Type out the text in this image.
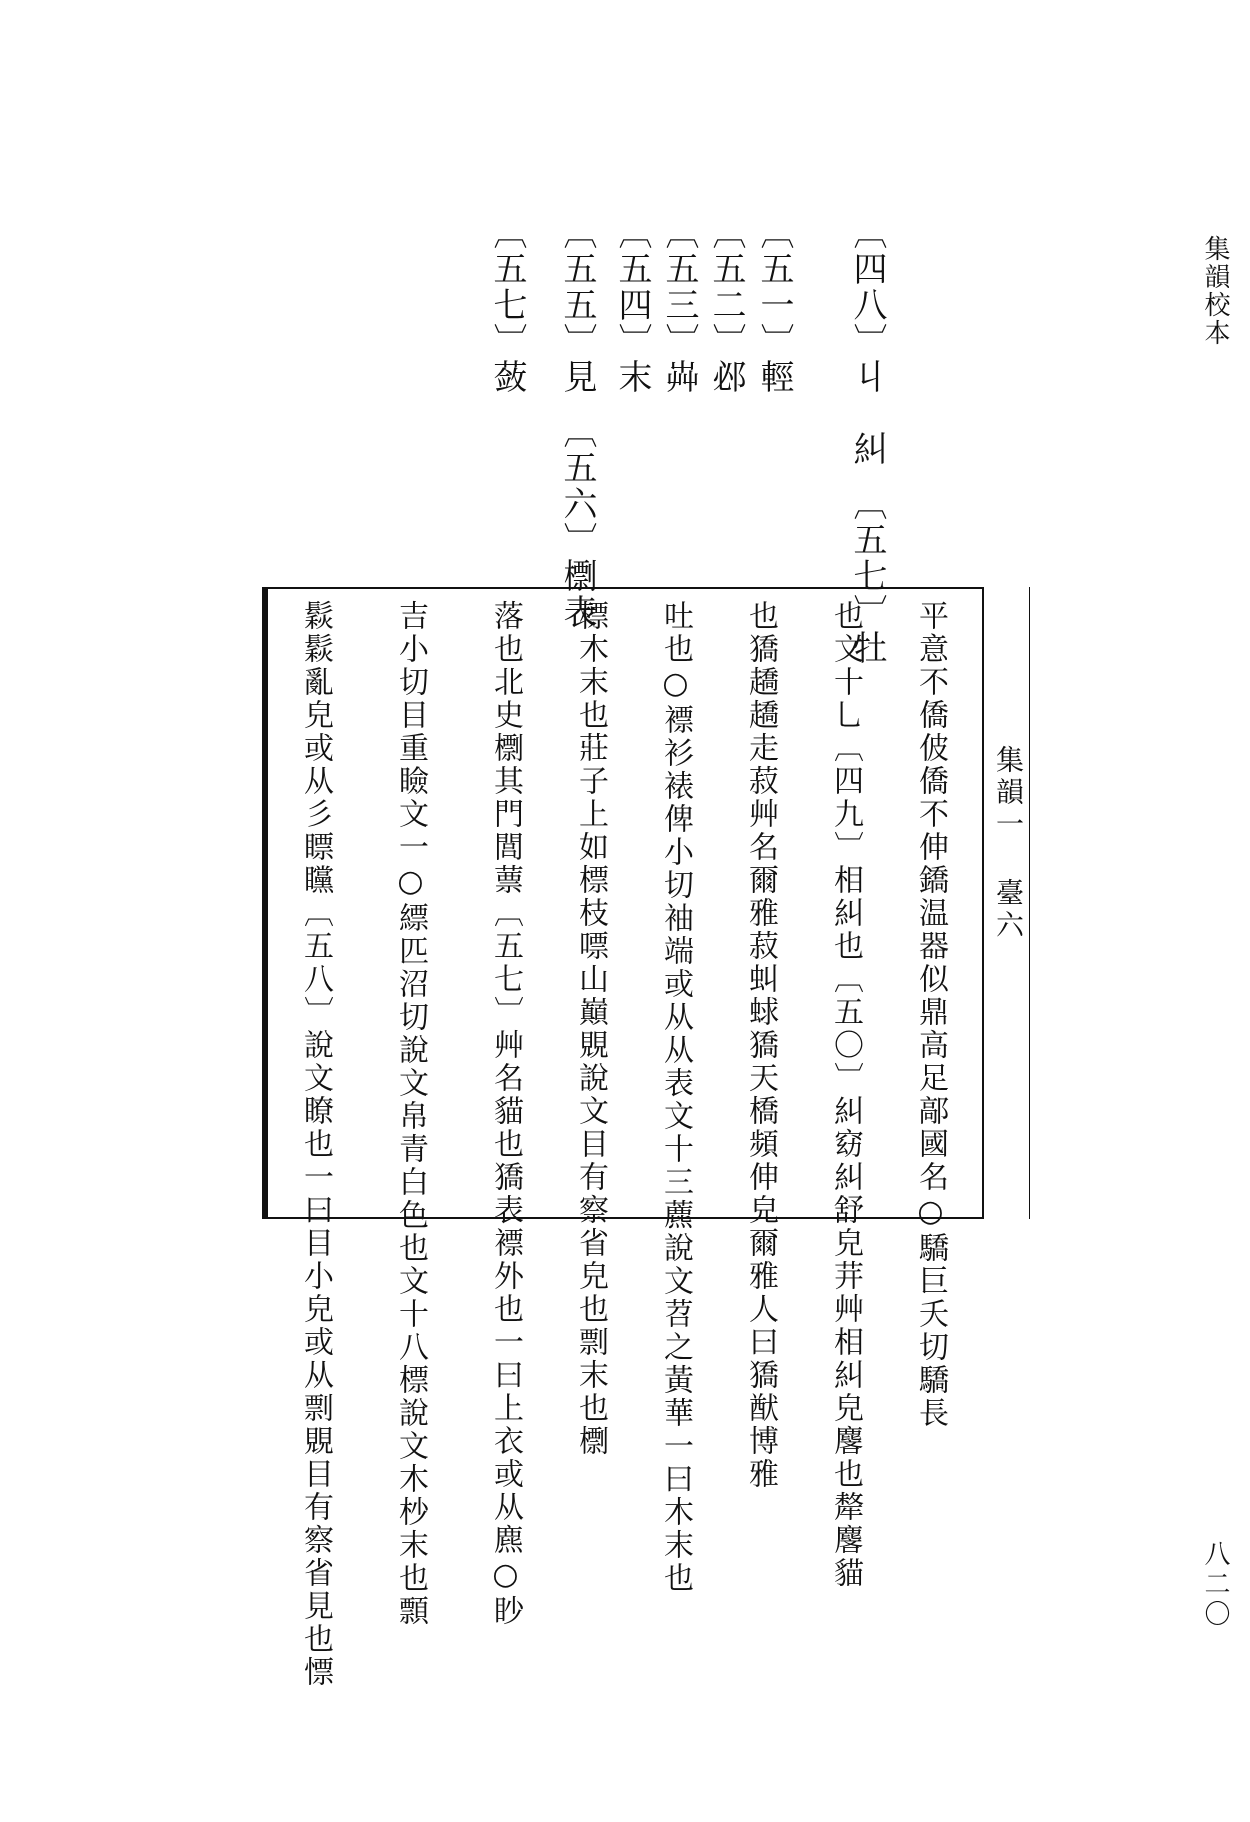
集韻校本
八二〇
〔四八〕丩　糾　〔五七〕牡
〔五一〕輕
〔五二〕邲
〔五三〕芔
〔五四〕末
〔五五〕見　〔五六〕檦表
〔五七〕蔹
集韻一 臺六
平意不僑佊僑不伸鐈温器似鼎高足鄗國名○驕巨夭切驕長
也文十乚〔四九〕相糾也〔五〇〕糾窈糾舒皃茾艸相糾皃麐也犛麐貓
也獢趫趫走菽艸名爾雅菽虯蛷獢天橋頻伸皃爾雅人曰獢猷博雅
吐也○褾衫裱俾小切袖端或从从表文十三藨說文苕之黃華一曰木末也
標木末也莊子上如標枝嘌山巔覞說文目有察省皃也剽末也檦
落也北史檦其門閭蔈〔五七〕艸名貓也獢表褾外也一曰上衣或从麃○眇
吉小切目重瞼文一○縹匹沼切說文帛青白色也文十八標說文木杪末也顠
鬏鬏亂皃或从彡瞟矘〔五八〕說文瞭也一曰目小皃或从剽覞目有察省見也慓
